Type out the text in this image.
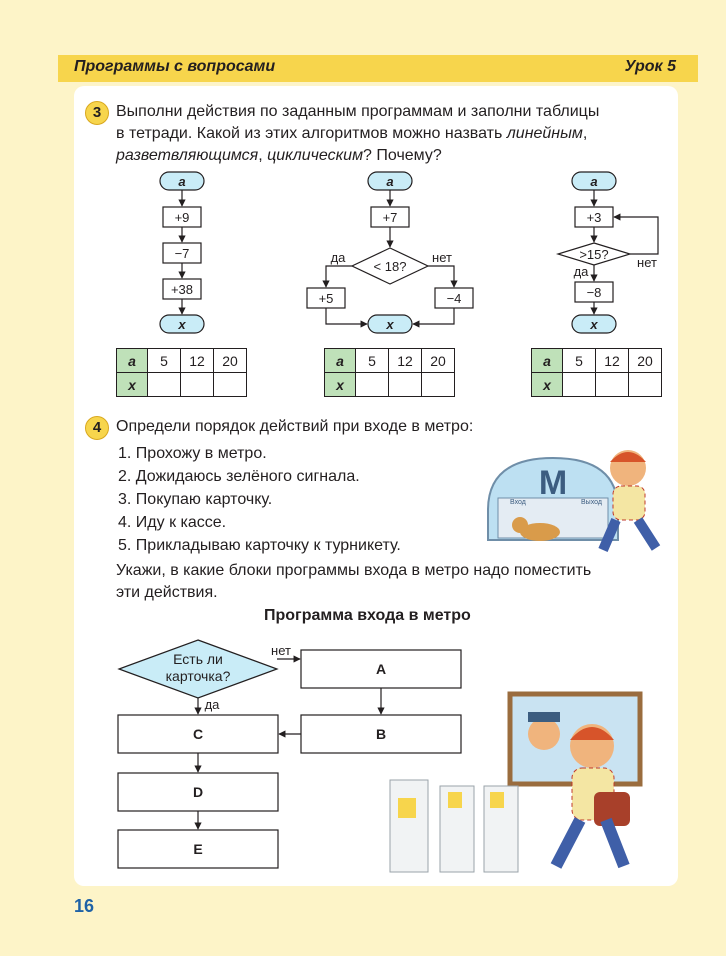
Программы с вопросами	Урок 5
3 Выполни действия по заданным программам и заполни таблицы
в тетради. Какой из этих алгоритмов можно назвать линейным,
разветвляющимся, циклическим? Почему?
a
+9
−7
+38
x
a
+7
< 18?
да	нет
+5	−4
x
a
+3
>15?
да
нет
−8
x
Есть ли
карточка?
нет
да
A
B
C
D
E
a	5	12	20
x			
a	5	12	20
x			
a	5	12	20
x			
4 Определи порядок действий при входе в метро:
1. Прохожу в метро.
2. Дожидаюсь зелёного сигнала.
3. Покупаю карточку.
4. Иду к кассе.
5. Прикладываю карточку к турникету.
Укажи, в какие блоки программы входа в метро надо поместить
эти действия.
Программа входа в метро
M
Вход	Выход
16
